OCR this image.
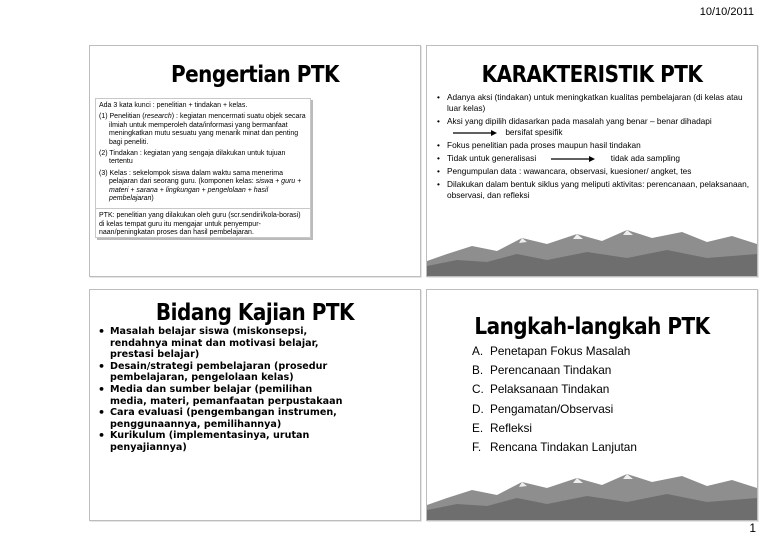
10/10/2011
Pengertian PTK

Ada 3 kata kunci : penelitian + tindakan + kelas.

(1) Penelitian (research) : kegiatan mencermati suatu objek secara ilmiah untuk memperoleh data/informasi yang bermanfaat meningkatkan mutu sesuatu yang menarik minat dan penting bagi peneliti.
(2) Tindakan : kegiatan yang sengaja dilakukan untuk tujuan tertentu
(3) Kelas : sekelompok siswa dalam waktu sama menerima pelajaran dari seorang guru. (komponen kelas: siswa + guru + materi + sarana + lingkungan + pengelolaan + hasil pembelajaran)
PTK: penelitian yang dilakukan oleh guru (scr.sendiri/kola-borasi) di kelas tempat guru itu mengajar untuk penyempur-naan/peningkatan proses dan hasil pembelajaran.
KARAKTERISTIK PTK
• Adanya aksi (tindakan) untuk meningkatkan kualitas pembelajaran (di kelas atau luar kelas)
• Aksi yang dipilih didasarkan pada masalah yang benar – benar dihadapi  bersifat spesifik
• Fokus penelitian pada proses maupun hasil tindakan
• Tidak untuk generalisasi	tidak ada sampling
• Pengumpulan data : wawancara, observasi, kuesioner/ angket, tes
• Dilakukan dalam bentuk siklus yang meliputi aktivitas: perencanaan, pelaksanaan, observasi, dan refleksi
Bidang Kajian PTK
• Masalah belajar siswa (miskonsepsi, rendahnya minat dan motivasi belajar, prestasi belajar)
• Desain/strategi pembelajaran (prosedur pembelajaran, pengelolaan kelas)
• Media dan sumber belajar (pemilihan media, materi, pemanfaatan perpustakaan
• Cara evaluasi (pengembangan instrumen, penggunaannya, pemilihannya)
• Kurikulum (implementasinya, urutan penyajiannya)
Langkah-langkah PTK
A. Penetapan Fokus Masalah
B. Perencanaan Tindakan
C. Pelaksanaan Tindakan
D. Pengamatan/Observasi
E. Refleksi
F. Rencana Tindakan Lanjutan
1
